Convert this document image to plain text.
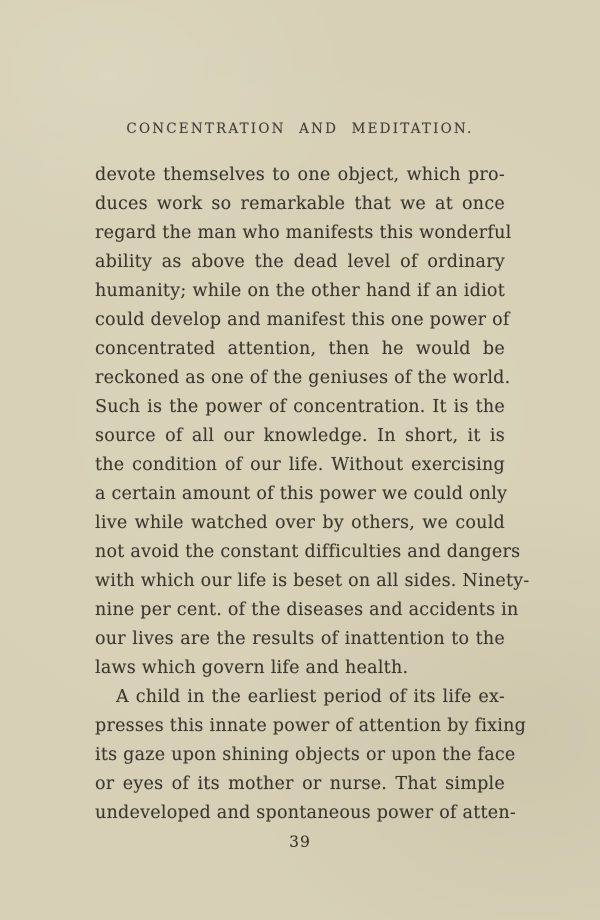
CONCENTRATION AND MEDITATION.
devote themselves to one object, which pro-
duces work so remarkable that we at once
regard the man who manifests this wonderful
ability as above the dead level of ordinary
humanity; while on the other hand if an idiot
could develop and manifest this one power of
concentrated attention, then he would be
reckoned as one of the geniuses of the world.
Such is the power of concentration. It is the
source of all our knowledge. In short, it is
the condition of our life. Without exercising
a certain amount of this power we could only
live while watched over by others, we could
not avoid the constant difficulties and dangers
with which our life is beset on all sides. Ninety-
nine per cent. of the diseases and accidents in
our lives are the results of inattention to the
laws which govern life and health.
A child in the earliest period of its life ex-
presses this innate power of attention by fixing
its gaze upon shining objects or upon the face
or eyes of its mother or nurse. That simple
undeveloped and spontaneous power of atten-
39
